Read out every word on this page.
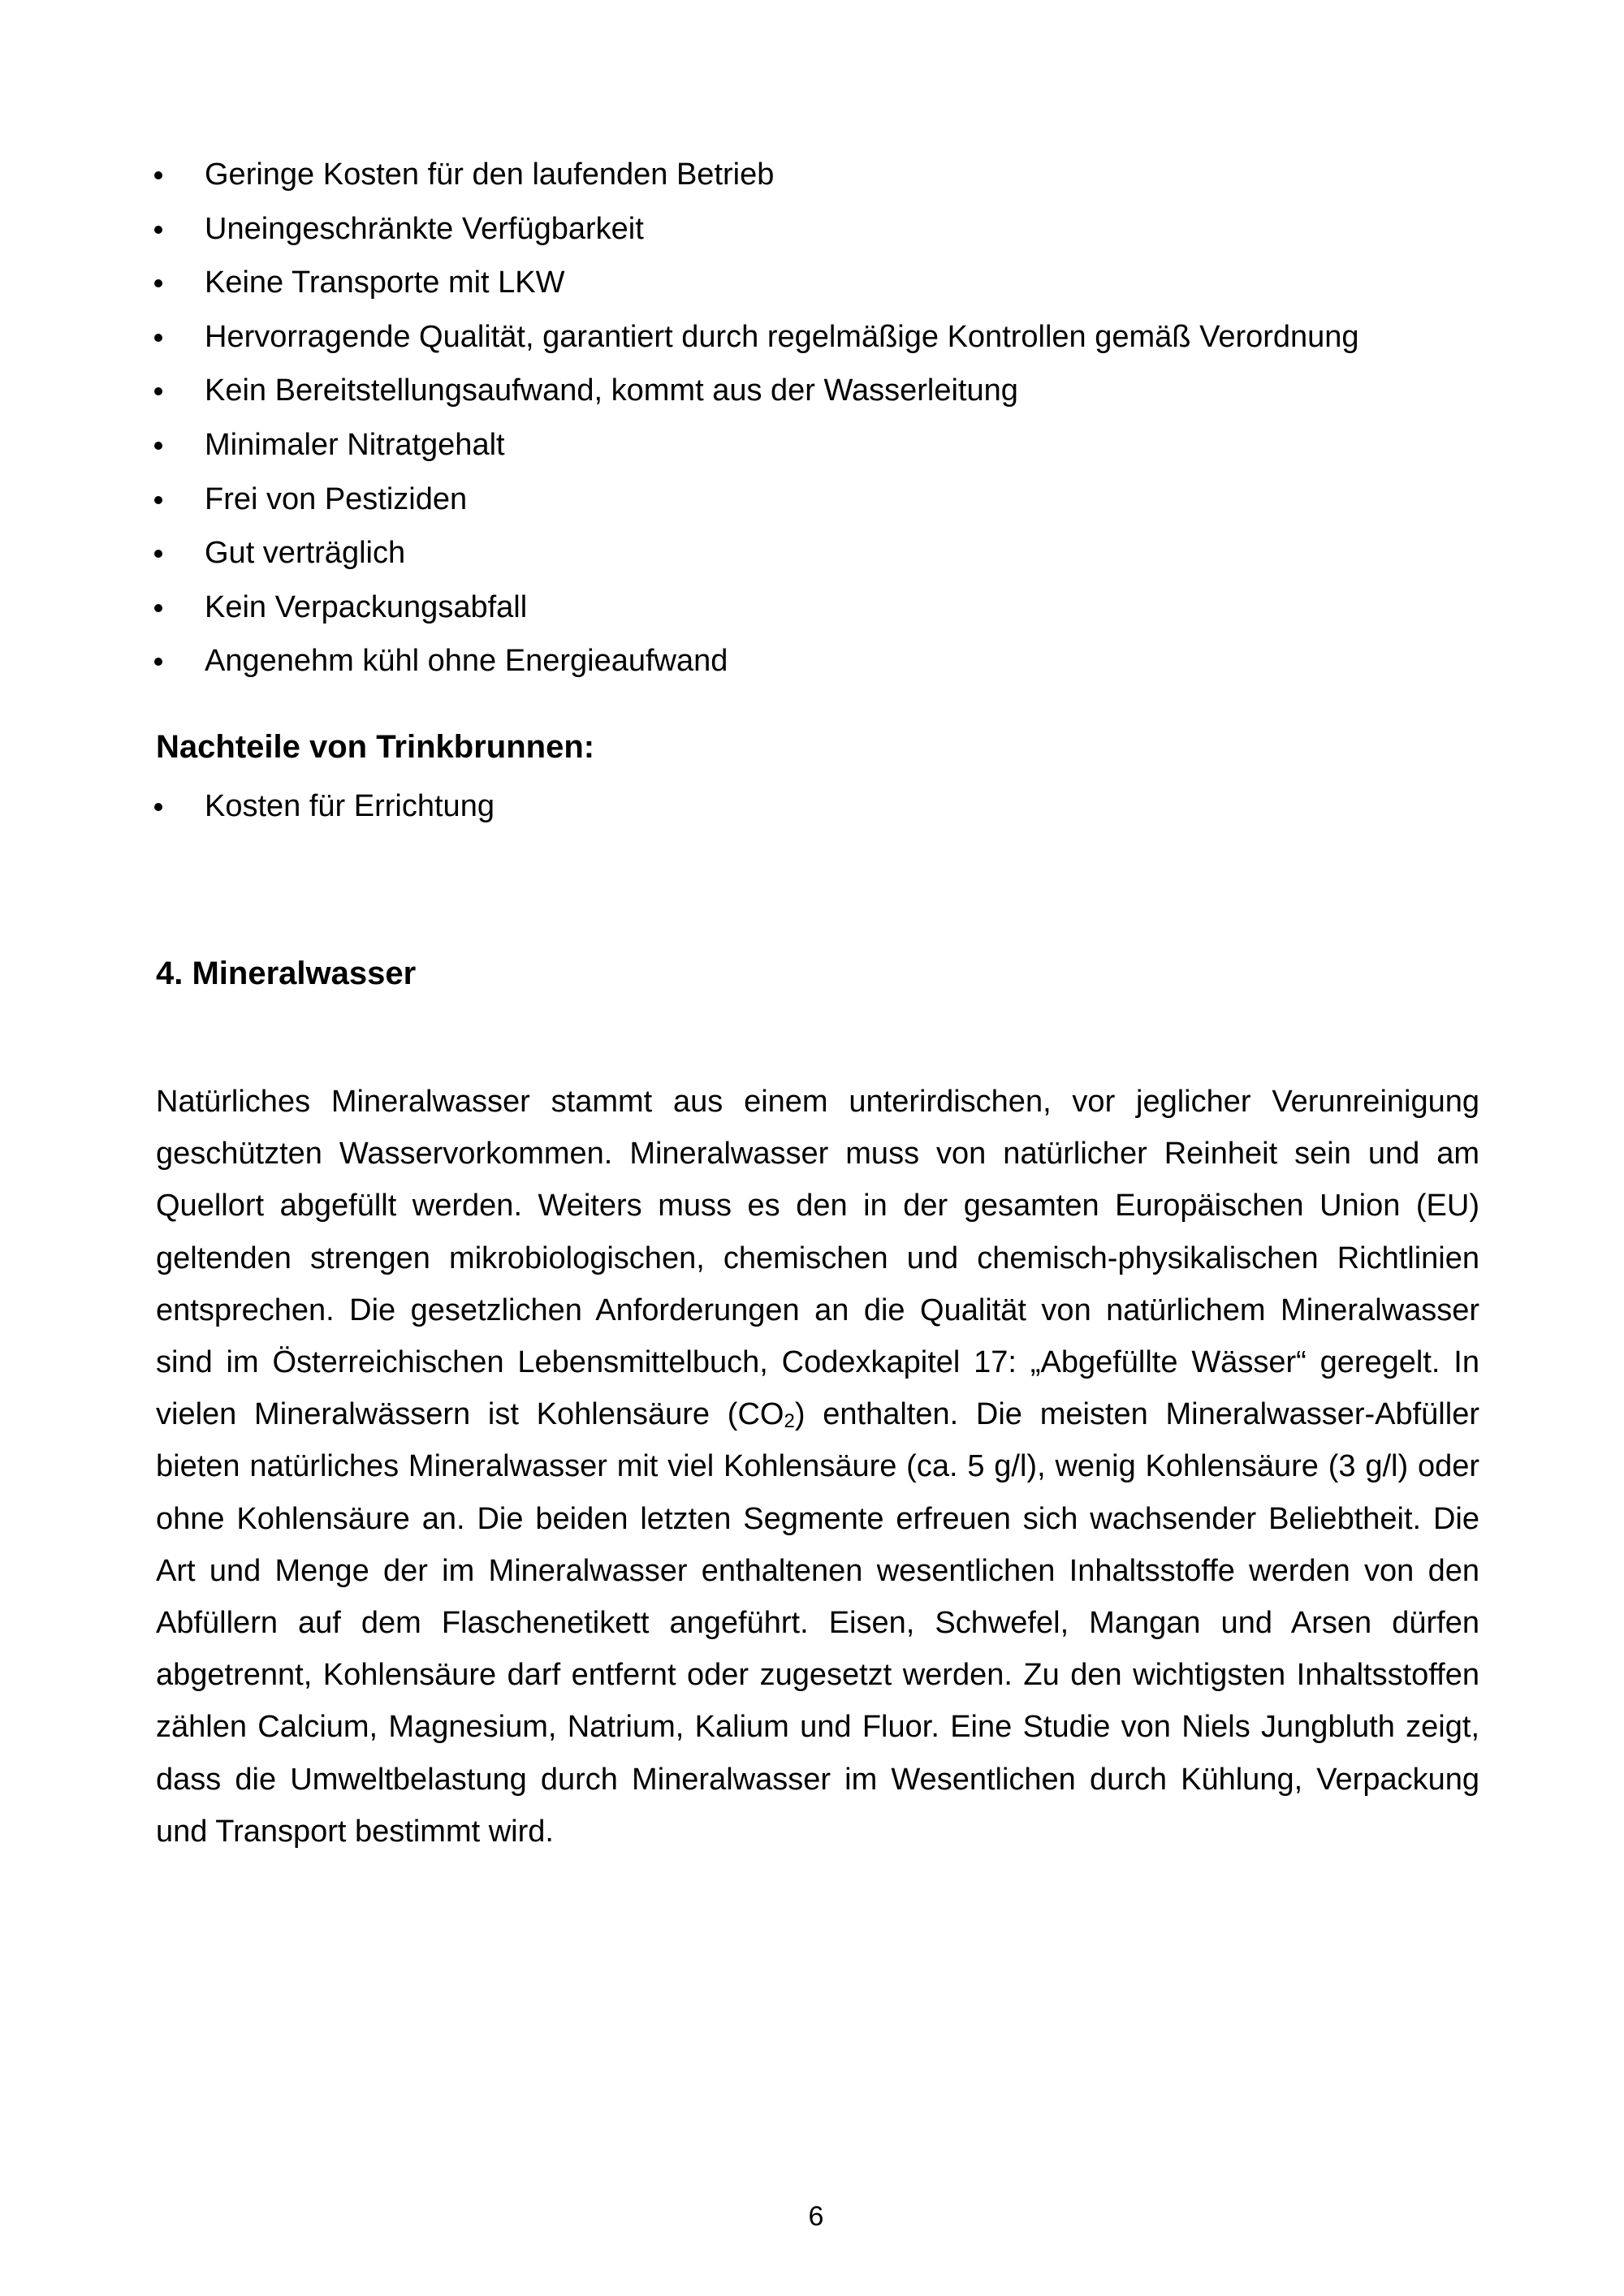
Geringe Kosten für den laufenden Betrieb
Uneingeschränkte Verfügbarkeit
Keine Transporte mit LKW
Hervorragende Qualität, garantiert durch regelmäßige Kontrollen gemäß Verordnung
Kein Bereitstellungsaufwand, kommt aus der Wasserleitung
Minimaler Nitratgehalt
Frei von Pestiziden
Gut verträglich
Kein Verpackungsabfall
Angenehm kühl ohne Energieaufwand
Nachteile von Trinkbrunnen:
Kosten für Errichtung
4. Mineralwasser

Natürliches Mineralwasser stammt aus einem unterirdischen, vor jeglicher Verunreinigung geschützten Wasservorkommen. Mineralwasser muss von natürlicher Reinheit sein und am Quellort abgefüllt werden. Weiters muss es den in der gesamten Europäischen Union (EU) geltenden strengen mikrobiologischen, chemischen und chemisch-physikalischen Richtlinien entsprechen. Die gesetzlichen Anforderungen an die Qualität von natürlichem Mineralwasser sind im Österreichischen Lebensmittelbuch, Codexkapitel 17: „Abgefüllte Wässer“ geregelt. In vielen Mineralwässern ist Kohlensäure $(CO_2)$ enthalten. Die meisten Mineralwasser-Abfüller bieten natürliches Mineralwasser mit viel Kohlensäure (ca. 5 g/l), wenig Kohlensäure (3 g/l) oder ohne Kohlensäure an. Die beiden letzten Segmente erfreuen sich wachsender Beliebtheit. Die Art und Menge der im Mineralwasser enthaltenen wesentlichen Inhaltsstoffe werden von den Abfüllern auf dem Flaschenetikett angeführt. Eisen, Schwefel, Mangan und Arsen dürfen abgetrennt, Kohlensäure darf entfernt oder zugesetzt werden. Zu den wichtigsten Inhaltsstoffen zählen Calcium, Magnesium, Natrium, Kalium und Fluor. Eine Studie von Niels Jungbluth zeigt, dass die Umweltbelastung durch Mineralwasser im Wesentlichen durch Kühlung, Verpackung und Transport bestimmt wird.

6
